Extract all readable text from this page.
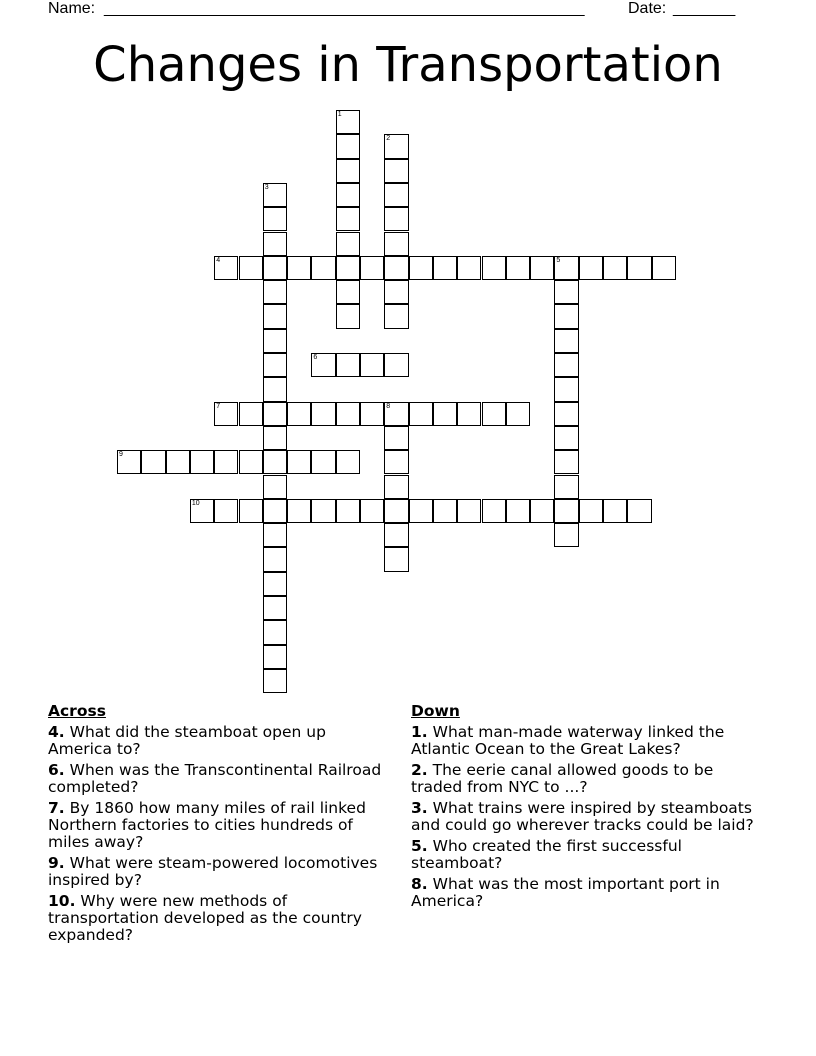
Name: ______________________________________________________	Date: _______
Changes in Transportation
1
2
3
4	5
6
7	8
9
10
Across
4. What did the steamboat open up America to?
6. When was the Transcontinental Railroad completed?
7. By 1860 how many miles of rail linked Northern factories to cities hundreds of miles away?
9. What were steam-powered locomotives inspired by?
10. Why were new methods of transportation developed as the country expanded?
Down
1. What man-made waterway linked the Atlantic Ocean to the Great Lakes?
2. The eerie canal allowed goods to be traded from NYC to ...?
3. What trains were inspired by steamboats and could go wherever tracks could be laid?
5. Who created the first successful steamboat?
8. What was the most important port in America?
